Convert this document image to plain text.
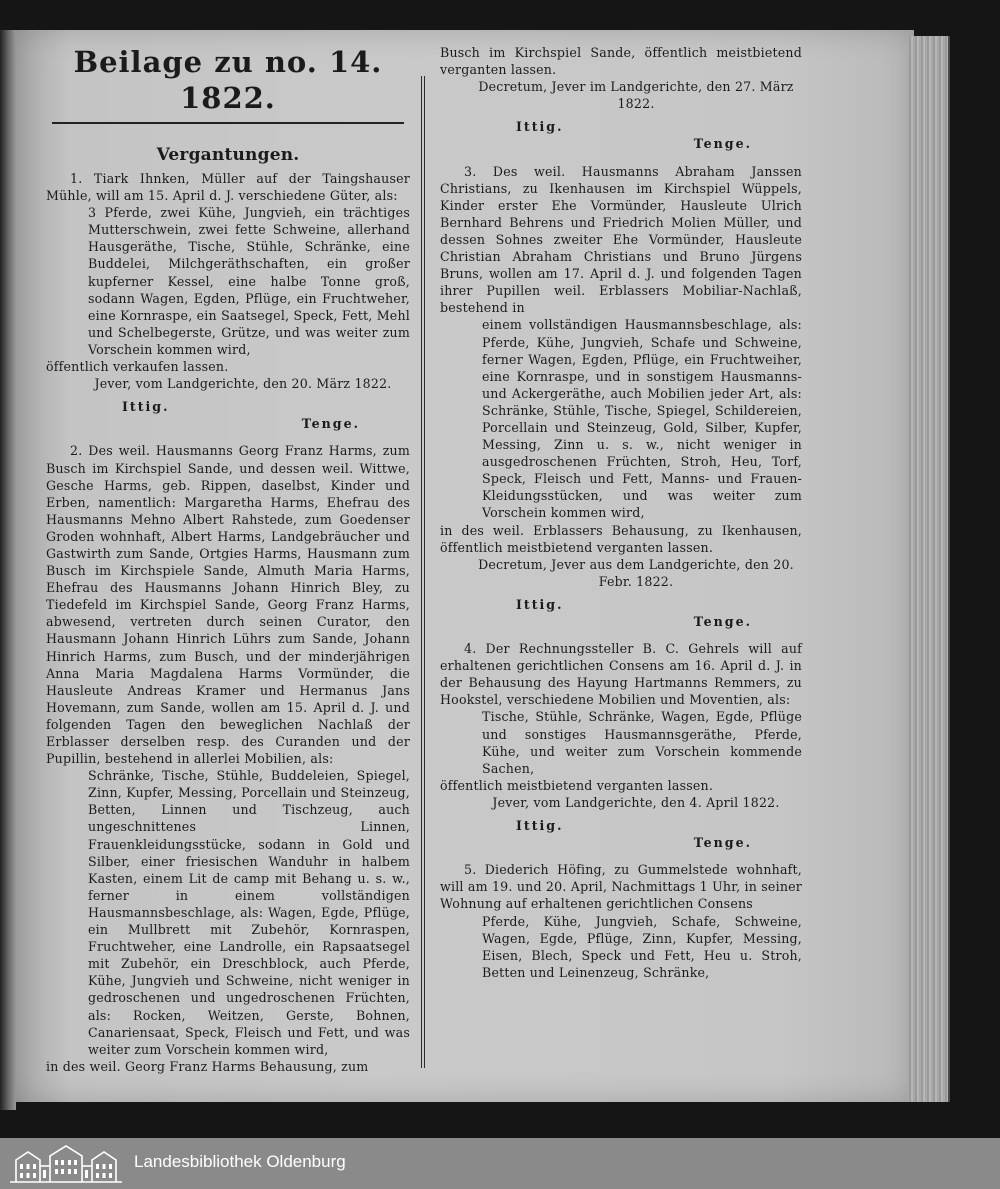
Beilage zu no. 14. 1822.
Vergantungen.

1. Tiark Ihnken, Müller auf der Taingshauser Mühle, will am 15. April d. J. verschiedene Güter, als:

3 Pferde, zwei Kühe, Jungvieh, ein trächtiges Mutterschwein, zwei fette Schweine, allerhand Hausgeräthe, Tische, Stühle, Schränke, eine Buddelei, Milchgeräthschaften, ein großer kupferner Kessel, eine halbe Tonne groß, sodann Wagen, Egden, Pflüge, ein Fruchtweher, eine Kornraspe, ein Saatsegel, Speck, Fett, Mehl und Schelbegerste, Grütze, und was weiter zum Vorschein kommen wird,

öffentlich verkaufen lassen.

Jever, vom Landgerichte, den 20. März 1822.

Ittig.

Tenge.

2. Des weil. Hausmanns Georg Franz Harms, zum Busch im Kirchspiel Sande, und dessen weil. Wittwe, Gesche Harms, geb. Rippen, daselbst, Kinder und Erben, namentlich: Margaretha Harms, Ehefrau des Hausmanns Mehno Albert Rahstede, zum Goedenser Groden wohnhaft, Albert Harms, Landgebräucher und Gastwirth zum Sande, Ortgies Harms, Hausmann zum Busch im Kirchspiele Sande, Almuth Maria Harms, Ehefrau des Hausmanns Johann Hinrich Bley, zu Tiedefeld im Kirchspiel Sande, Georg Franz Harms, abwesend, vertreten durch seinen Curator, den Hausmann Johann Hinrich Lührs zum Sande, Johann Hinrich Harms, zum Busch, und der minderjährigen Anna Maria Magdalena Harms Vormünder, die Hausleute Andreas Kramer und Hermanus Jans Hovemann, zum Sande, wollen am 15. April d. J. und folgenden Tagen den beweglichen Nachlaß der Erblasser derselben resp. des Curanden und der Pupillin, bestehend in allerlei Mobilien, als:

Schränke, Tische, Stühle, Buddeleien, Spiegel, Zinn, Kupfer, Messing, Porcellain und Steinzeug, Betten, Linnen und Tischzeug, auch ungeschnittenes Linnen, Frauenkleidungsstücke, sodann in Gold und Silber, einer friesischen Wanduhr in halbem Kasten, einem Lit de camp mit Behang u. s. w., ferner in einem vollständigen Hausmannsbeschlage, als: Wagen, Egde, Pflüge, ein Mullbrett mit Zubehör, Kornraspen, Fruchtweher, eine Landrolle, ein Rapsaatsegel mit Zubehör, ein Dreschblock, auch Pferde, Kühe, Jungvieh und Schweine, nicht weniger in gedroschenen und ungedroschenen Früchten, als: Rocken, Weitzen, Gerste, Bohnen, Canariensaat, Speck, Fleisch und Fett, und was weiter zum Vorschein kommen wird,

in des weil. Georg Franz Harms Behausung, zum

Busch im Kirchspiel Sande, öffentlich meistbietend verganten lassen.

Decretum, Jever im Landgerichte, den 27. März 1822.

Ittig.

Tenge.

3. Des weil. Hausmanns Abraham Janssen Christians, zu Ikenhausen im Kirchspiel Wüppels, Kinder erster Ehe Vormünder, Hausleute Ulrich Bernhard Behrens und Friedrich Molien Müller, und dessen Sohnes zweiter Ehe Vormünder, Hausleute Christian Abraham Christians und Bruno Jürgens Bruns, wollen am 17. April d. J. und folgenden Tagen ihrer Pupillen weil. Erblassers Mobiliar-Nachlaß, bestehend in

einem vollständigen Hausmannsbeschlage, als: Pferde, Kühe, Jungvieh, Schafe und Schweine, ferner Wagen, Egden, Pflüge, ein Fruchtweiher, eine Kornraspe, und in sonstigem Hausmanns- und Ackergeräthe, auch Mobilien jeder Art, als: Schränke, Stühle, Tische, Spiegel, Schildereien, Porcellain und Steinzeug, Gold, Silber, Kupfer, Messing, Zinn u. s. w., nicht weniger in ausgedroschenen Früchten, Stroh, Heu, Torf, Speck, Fleisch und Fett, Manns- und Frauen-Kleidungsstücken, und was weiter zum Vorschein kommen wird,

in des weil. Erblassers Behausung, zu Ikenhausen, öffentlich meistbietend verganten lassen.

Decretum, Jever aus dem Landgerichte, den 20. Febr. 1822.

Ittig.

Tenge.

4. Der Rechnungssteller B. C. Gehrels will auf erhaltenen gerichtlichen Consens am 16. April d. J. in der Behausung des Hayung Hartmanns Remmers, zu Hookstel, verschiedene Mobilien und Moventien, als:

Tische, Stühle, Schränke, Wagen, Egde, Pflüge und sonstiges Hausmannsgeräthe, Pferde, Kühe, und weiter zum Vorschein kommende Sachen,

öffentlich meistbietend verganten lassen.

Jever, vom Landgerichte, den 4. April 1822.

Ittig.

Tenge.

5. Diederich Höfing, zu Gummelstede wohnhaft, will am 19. und 20. April, Nachmittags 1 Uhr, in seiner Wohnung auf erhaltenen gerichtlichen Consens

Pferde, Kühe, Jungvieh, Schafe, Schweine, Wagen, Egde, Pflüge, Zinn, Kupfer, Messing, Eisen, Blech, Speck und Fett, Heu u. Stroh, Betten und Leinenzeug, Schränke,

Landesbibliothek Oldenburg
